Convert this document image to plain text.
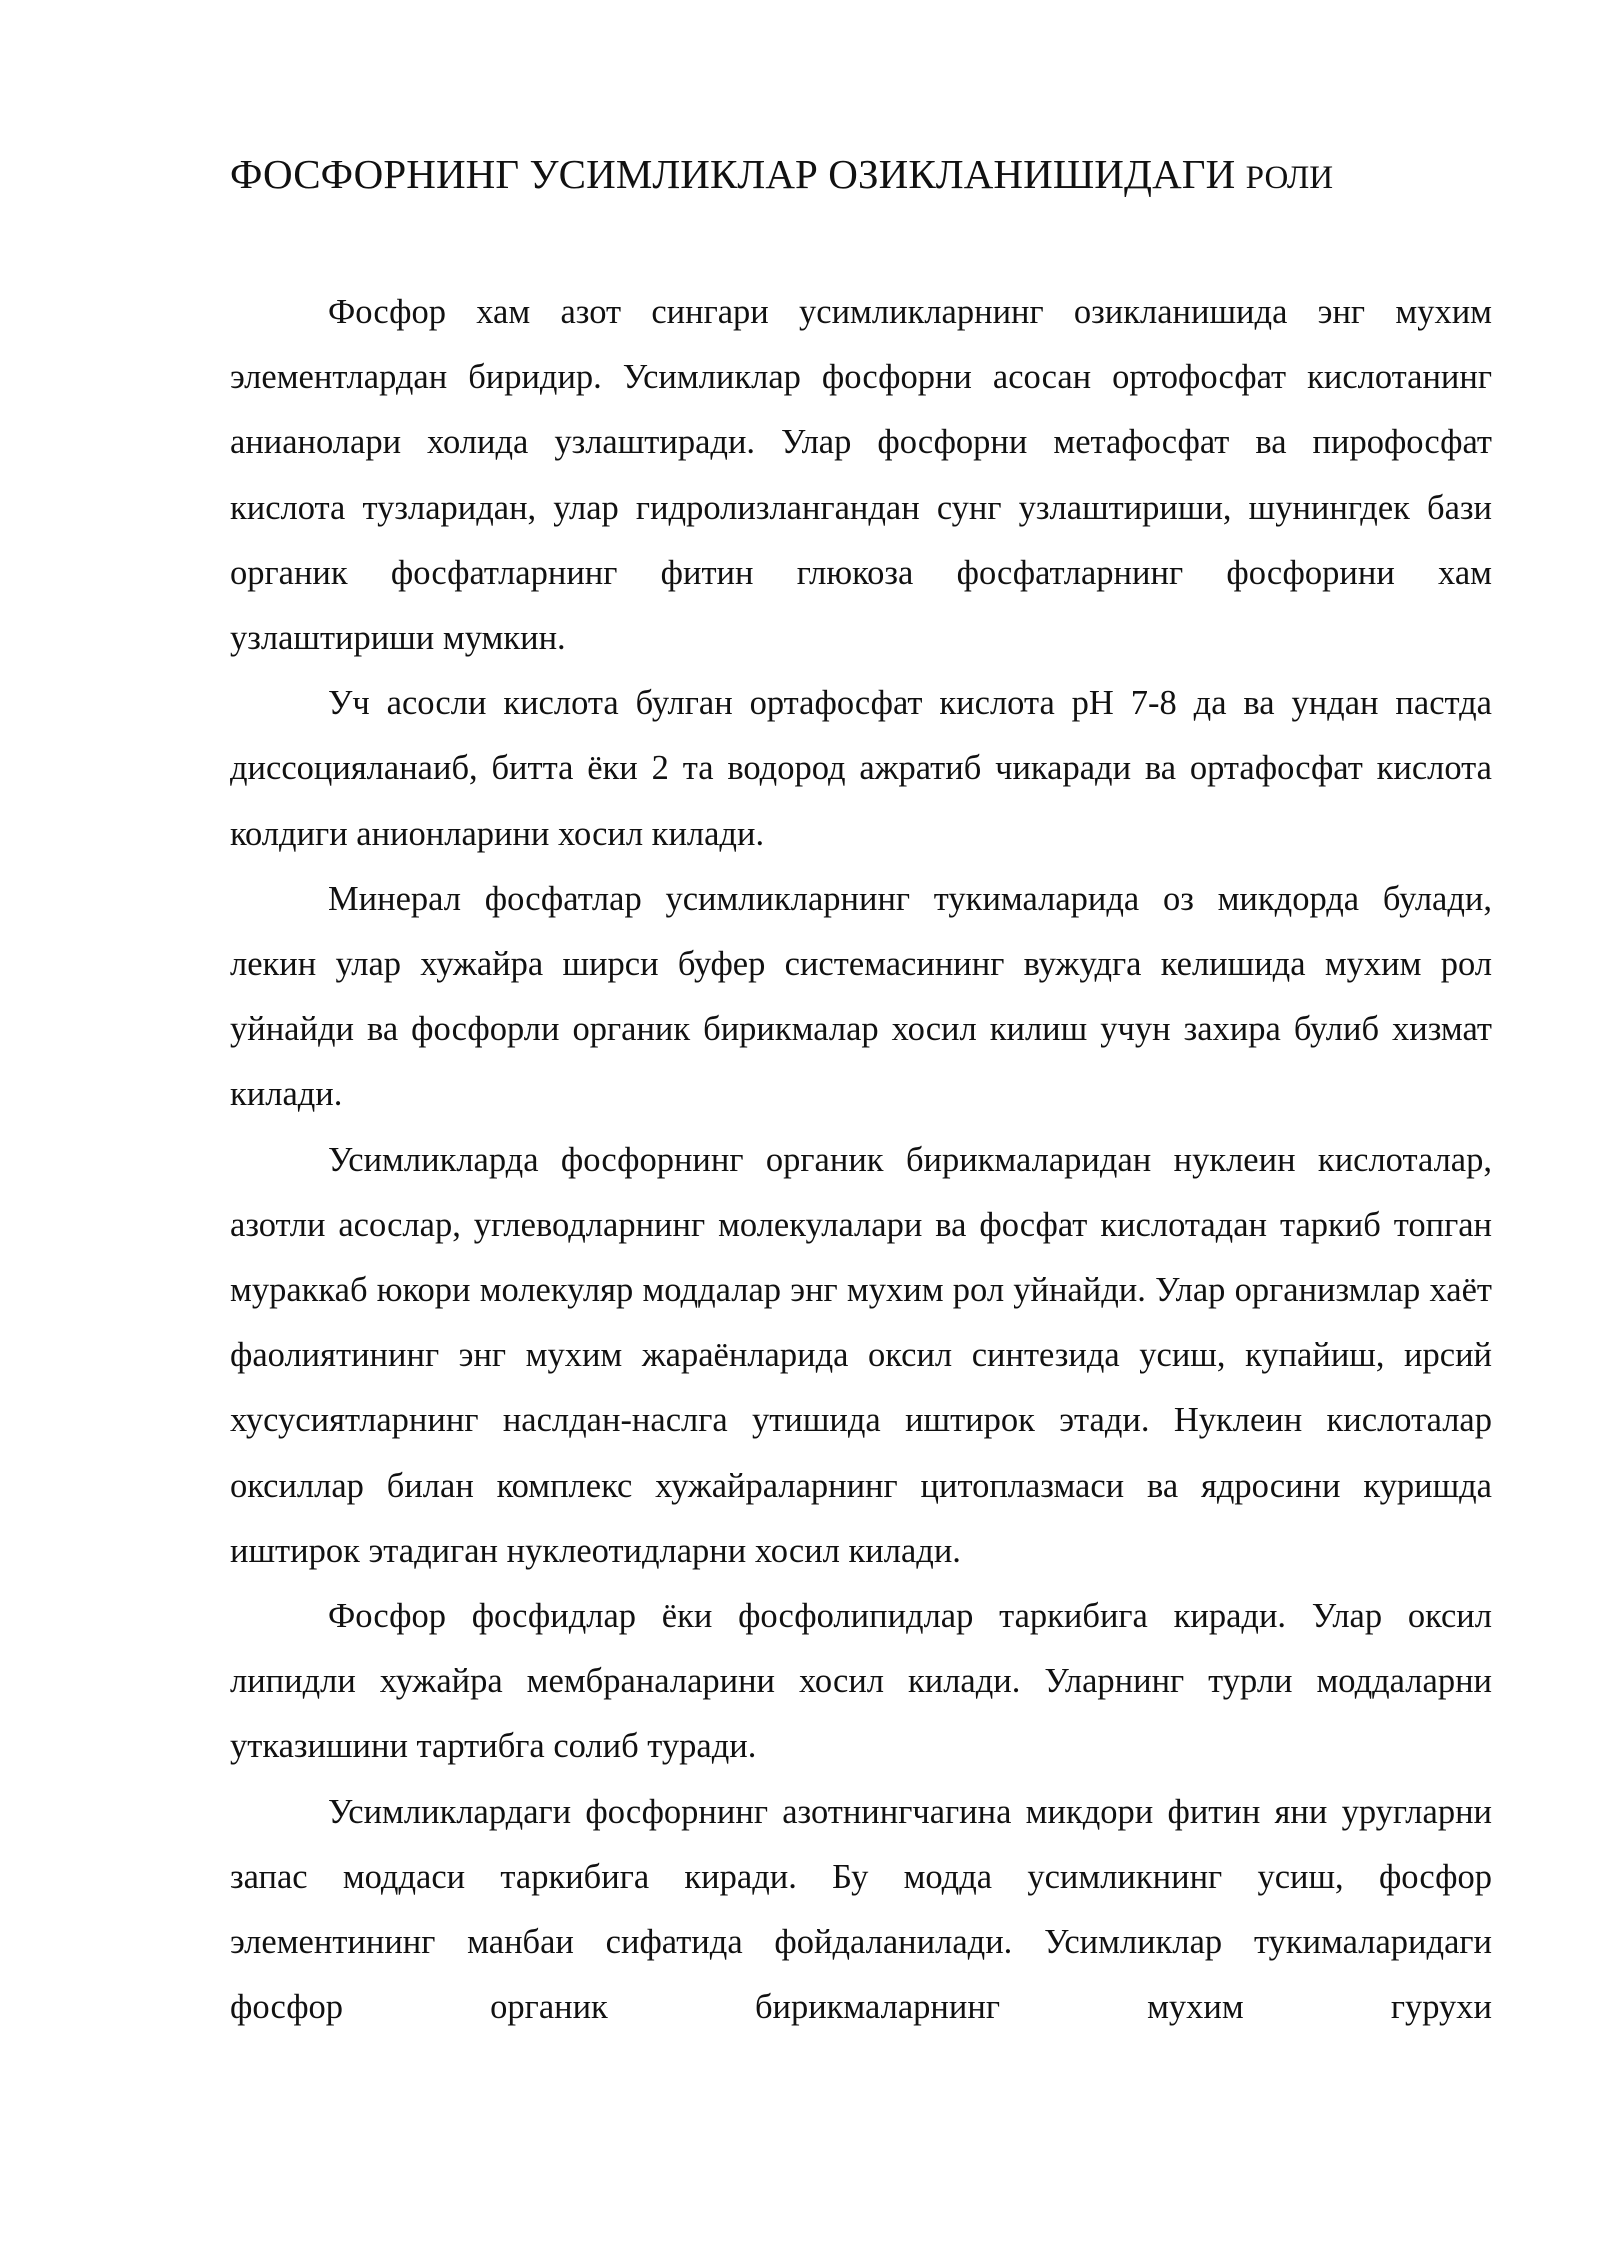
ФОСФОРНИНГ УСИМЛИКЛАР ОЗИКЛАНИШИДАГИ РОЛИ

Фосфор хам азот сингари усимликларнинг озикланишида энг мухим элементлардан биридир. Усимликлар фосфорни асосан ортофосфат кислотанинг анианолари холида узлаштиради. Улар фосфорни метафосфат ва пирофосфат кислота тузларидан, улар гидролизлангандан сунг узлаштириши, шунингдек бази органик фосфатларнинг фитин глюкоза фосфатларнинг фосфорини хам узлаштириши мумкин.

Уч асосли кислота булган ортафосфат кислота pH 7-8 да ва ундан пастда диссоцияланаиб, битта ёки 2 та водород ажратиб чикаради ва ортафосфат кислота колдиги анионларини хосил килади.

Минерал фосфатлар усимликларнинг тукималарида оз микдорда булади, лекин улар хужайра ширси буфер системасининг вужудга келишида мухим рол уйнайди ва фосфорли органик бирикмалар хосил килиш учун захира булиб хизмат килади.

Усимликларда фосфорнинг органик бирикмаларидан нуклеин кислоталар, азотли асослар, углеводларнинг молекулалари ва фосфат кислотадан таркиб топган мураккаб юкори молекуляр моддалар энг мухим рол уйнайди. Улар организмлар хаёт фаолиятининг энг мухим жараёнларида оксил синтезида усиш, купайиш, ирсий хусусиятларнинг наслдан-наслга утишида иштирок этади. Нуклеин кислоталар оксиллар билан комплекс хужайраларнинг цитоплазмаси ва ядросини куришда иштирок этадиган нуклеотидларни хосил килади.

Фосфор фосфидлар ёки фосфолипидлар таркибига киради. Улар оксил липидли хужайра мембраналарини хосил килади. Уларнинг турли моддаларни утказишини тартибга солиб туради.

Усимликлардаги фосфорнинг азотнингчагина микдори фитин яни уругларни запас моддаси таркибига киради. Бу модда усимликнинг усиш, фосфор элементининг манбаи сифатида фойдаланилади. Усимликлар тукималаридаги фосфор органик бирикмаларнинг мухим гурухи
